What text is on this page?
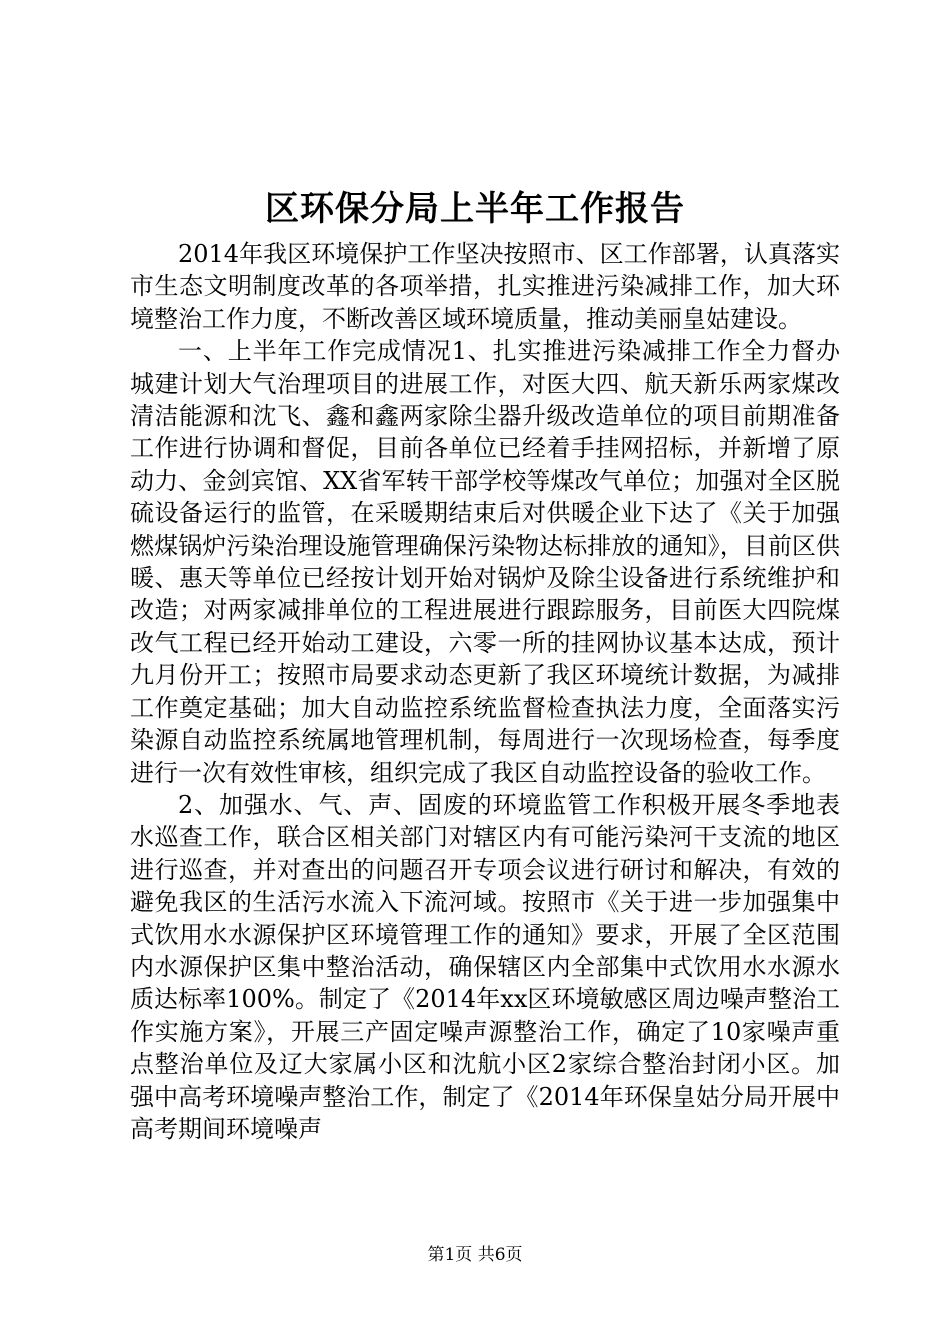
区环保分局上半年工作报告

2014年我区环境保护工作坚决按照市、区工作部署，认真落实市生态文明制度改革的各项举措，扎实推进污染减排工作，加大环境整治工作力度，不断改善区域环境质量，推动美丽皇姑建设。

一、上半年工作完成情况1、扎实推进污染减排工作全力督办城建计划大气治理项目的进展工作，对医大四、航天新乐两家煤改清洁能源和沈飞、鑫和鑫两家除尘器升级改造单位的项目前期准备工作进行协调和督促，目前各单位已经着手挂网招标，并新增了原动力、金剑宾馆、XX省军转干部学校等煤改气单位；加强对全区脱硫设备运行的监管，在采暖期结束后对供暖企业下达了《关于加强燃煤锅炉污染治理设施管理确保污染物达标排放的通知》，目前区供暖、惠天等单位已经按计划开始对锅炉及除尘设备进行系统维护和改造；对两家减排单位的工程进展进行跟踪服务，目前医大四院煤改气工程已经开始动工建设，六零一所的挂网协议基本达成，预计九月份开工；按照市局要求动态更新了我区环境统计数据，为减排工作奠定基础；加大自动监控系统监督检查执法力度，全面落实污染源自动监控系统属地管理机制，每周进行一次现场检查，每季度进行一次有效性审核，组织完成了我区自动监控设备的验收工作。

2、加强水、气、声、固废的环境监管工作积极开展冬季地表水巡查工作，联合区相关部门对辖区内有可能污染河干支流的地区进行巡查，并对查出的问题召开专项会议进行研讨和解决，有效的避免我区的生活污水流入下流河域。按照市《关于进一步加强集中式饮用水水源保护区环境管理工作的通知》要求，开展了全区范围内水源保护区集中整治活动，确保辖区内全部集中式饮用水水源水质达标率100%。制定了《2014年xx区环境敏感区周边噪声整治工作实施方案》，开展三产固定噪声源整治工作，确定了10家噪声重点整治单位及辽大家属小区和沈航小区2家综合整治封闭小区。加强中高考环境噪声整治工作，制定了《2014年环保皇姑分局开展中高考期间环境噪声

第1页 共6页
